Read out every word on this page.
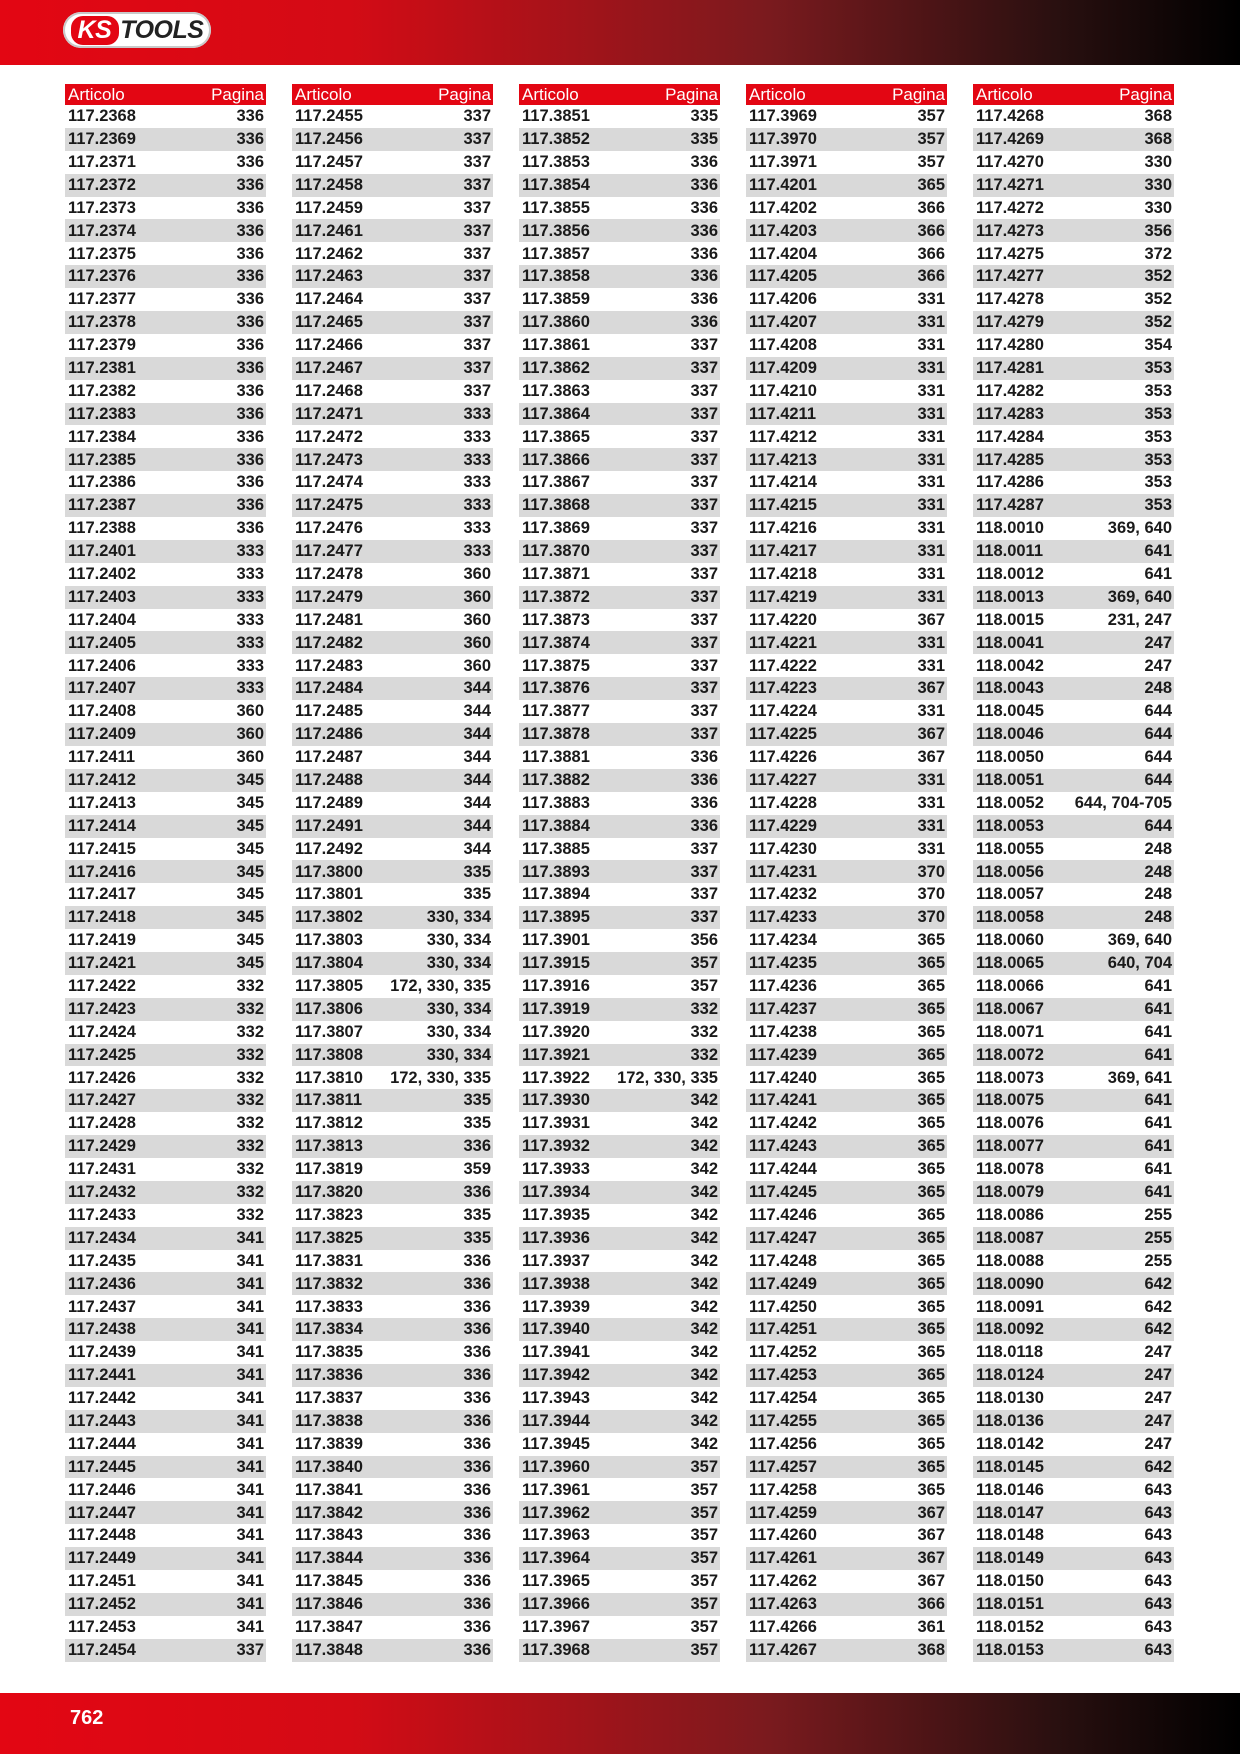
KS TOOLS
Articolo	Pagina
117.2368	336
117.2369	336
117.2371	336
117.2372	336
117.2373	336
117.2374	336
117.2375	336
117.2376	336
117.2377	336
117.2378	336
117.2379	336
117.2381	336
117.2382	336
117.2383	336
117.2384	336
117.2385	336
117.2386	336
117.2387	336
117.2388	336
117.2401	333
117.2402	333
117.2403	333
117.2404	333
117.2405	333
117.2406	333
117.2407	333
117.2408	360
117.2409	360
117.2411	360
117.2412	345
117.2413	345
117.2414	345
117.2415	345
117.2416	345
117.2417	345
117.2418	345
117.2419	345
117.2421	345
117.2422	332
117.2423	332
117.2424	332
117.2425	332
117.2426	332
117.2427	332
117.2428	332
117.2429	332
117.2431	332
117.2432	332
117.2433	332
117.2434	341
117.2435	341
117.2436	341
117.2437	341
117.2438	341
117.2439	341
117.2441	341
117.2442	341
117.2443	341
117.2444	341
117.2445	341
117.2446	341
117.2447	341
117.2448	341
117.2449	341
117.2451	341
117.2452	341
117.2453	341
117.2454	337
Articolo	Pagina
117.2455	337
117.2456	337
117.2457	337
117.2458	337
117.2459	337
117.2461	337
117.2462	337
117.2463	337
117.2464	337
117.2465	337
117.2466	337
117.2467	337
117.2468	337
117.2471	333
117.2472	333
117.2473	333
117.2474	333
117.2475	333
117.2476	333
117.2477	333
117.2478	360
117.2479	360
117.2481	360
117.2482	360
117.2483	360
117.2484	344
117.2485	344
117.2486	344
117.2487	344
117.2488	344
117.2489	344
117.2491	344
117.2492	344
117.3800	335
117.3801	335
117.3802	330, 334
117.3803	330, 334
117.3804	330, 334
117.3805 172, 330, 335
117.3806	330, 334
117.3807	330, 334
117.3808	330, 334
117.3810 172, 330, 335
117.3811	335
117.3812	335
117.3813	336
117.3819	359
117.3820	336
117.3823	335
117.3825	335
117.3831	336
117.3832	336
117.3833	336
117.3834	336
117.3835	336
117.3836	336
117.3837	336
117.3838	336
117.3839	336
117.3840	336
117.3841	336
117.3842	336
117.3843	336
117.3844	336
117.3845	336
117.3846	336
117.3847	336
117.3848	336
Articolo	Pagina
117.3851	335
117.3852	335
117.3853	336
117.3854	336
117.3855	336
117.3856	336
117.3857	336
117.3858	336
117.3859	336
117.3860	336
117.3861	337
117.3862	337
117.3863	337
117.3864	337
117.3865	337
117.3866	337
117.3867	337
117.3868	337
117.3869	337
117.3870	337
117.3871	337
117.3872	337
117.3873	337
117.3874	337
117.3875	337
117.3876	337
117.3877	337
117.3878	337
117.3881	336
117.3882	336
117.3883	336
117.3884	336
117.3885	337
117.3893	337
117.3894	337
117.3895	337
117.3901	356
117.3915	357
117.3916	357
117.3919	332
117.3920	332
117.3921	332
117.3922 172, 330, 335
117.3930	342
117.3931	342
117.3932	342
117.3933	342
117.3934	342
117.3935	342
117.3936	342
117.3937	342
117.3938	342
117.3939	342
117.3940	342
117.3941	342
117.3942	342
117.3943	342
117.3944	342
117.3945	342
117.3960	357
117.3961	357
117.3962	357
117.3963	357
117.3964	357
117.3965	357
117.3966	357
117.3967	357
117.3968	357
Articolo	Pagina
117.3969	357
117.3970	357
117.3971	357
117.4201	365
117.4202	366
117.4203	366
117.4204	366
117.4205	366
117.4206	331
117.4207	331
117.4208	331
117.4209	331
117.4210	331
117.4211	331
117.4212	331
117.4213	331
117.4214	331
117.4215	331
117.4216	331
117.4217	331
117.4218	331
117.4219	331
117.4220	367
117.4221	331
117.4222	331
117.4223	367
117.4224	331
117.4225	367
117.4226	367
117.4227	331
117.4228	331
117.4229	331
117.4230	331
117.4231	370
117.4232	370
117.4233	370
117.4234	365
117.4235	365
117.4236	365
117.4237	365
117.4238	365
117.4239	365
117.4240	365
117.4241	365
117.4242	365
117.4243	365
117.4244	365
117.4245	365
117.4246	365
117.4247	365
117.4248	365
117.4249	365
117.4250	365
117.4251	365
117.4252	365
117.4253	365
117.4254	365
117.4255	365
117.4256	365
117.4257	365
117.4258	365
117.4259	367
117.4260	367
117.4261	367
117.4262	367
117.4263	366
117.4266	361
117.4267	368
Articolo	Pagina
117.4268	368
117.4269	368
117.4270	330
117.4271	330
117.4272	330
117.4273	356
117.4275	372
117.4277	352
117.4278	352
117.4279	352
117.4280	354
117.4281	353
117.4282	353
117.4283	353
117.4284	353
117.4285	353
117.4286	353
117.4287	353
118.0010	369, 640
118.0011	641
118.0012	641
118.0013	369, 640
118.0015	231, 247
118.0041	247
118.0042	247
118.0043	248
118.0045	644
118.0046	644
118.0050	644
118.0051	644
118.0052 644, 704-705
118.0053	644
118.0055	248
118.0056	248
118.0057	248
118.0058	248
118.0060	369, 640
118.0065	640, 704
118.0066	641
118.0067	641
118.0071	641
118.0072	641
118.0073	369, 641
118.0075	641
118.0076	641
118.0077	641
118.0078	641
118.0079	641
118.0086	255
118.0087	255
118.0088	255
118.0090	642
118.0091	642
118.0092	642
118.0118	247
118.0124	247
118.0130	247
118.0136	247
118.0142	247
118.0145	642
118.0146	643
118.0147	643
118.0148	643
118.0149	643
118.0150	643
118.0151	643
118.0152	643
118.0153	643
762
